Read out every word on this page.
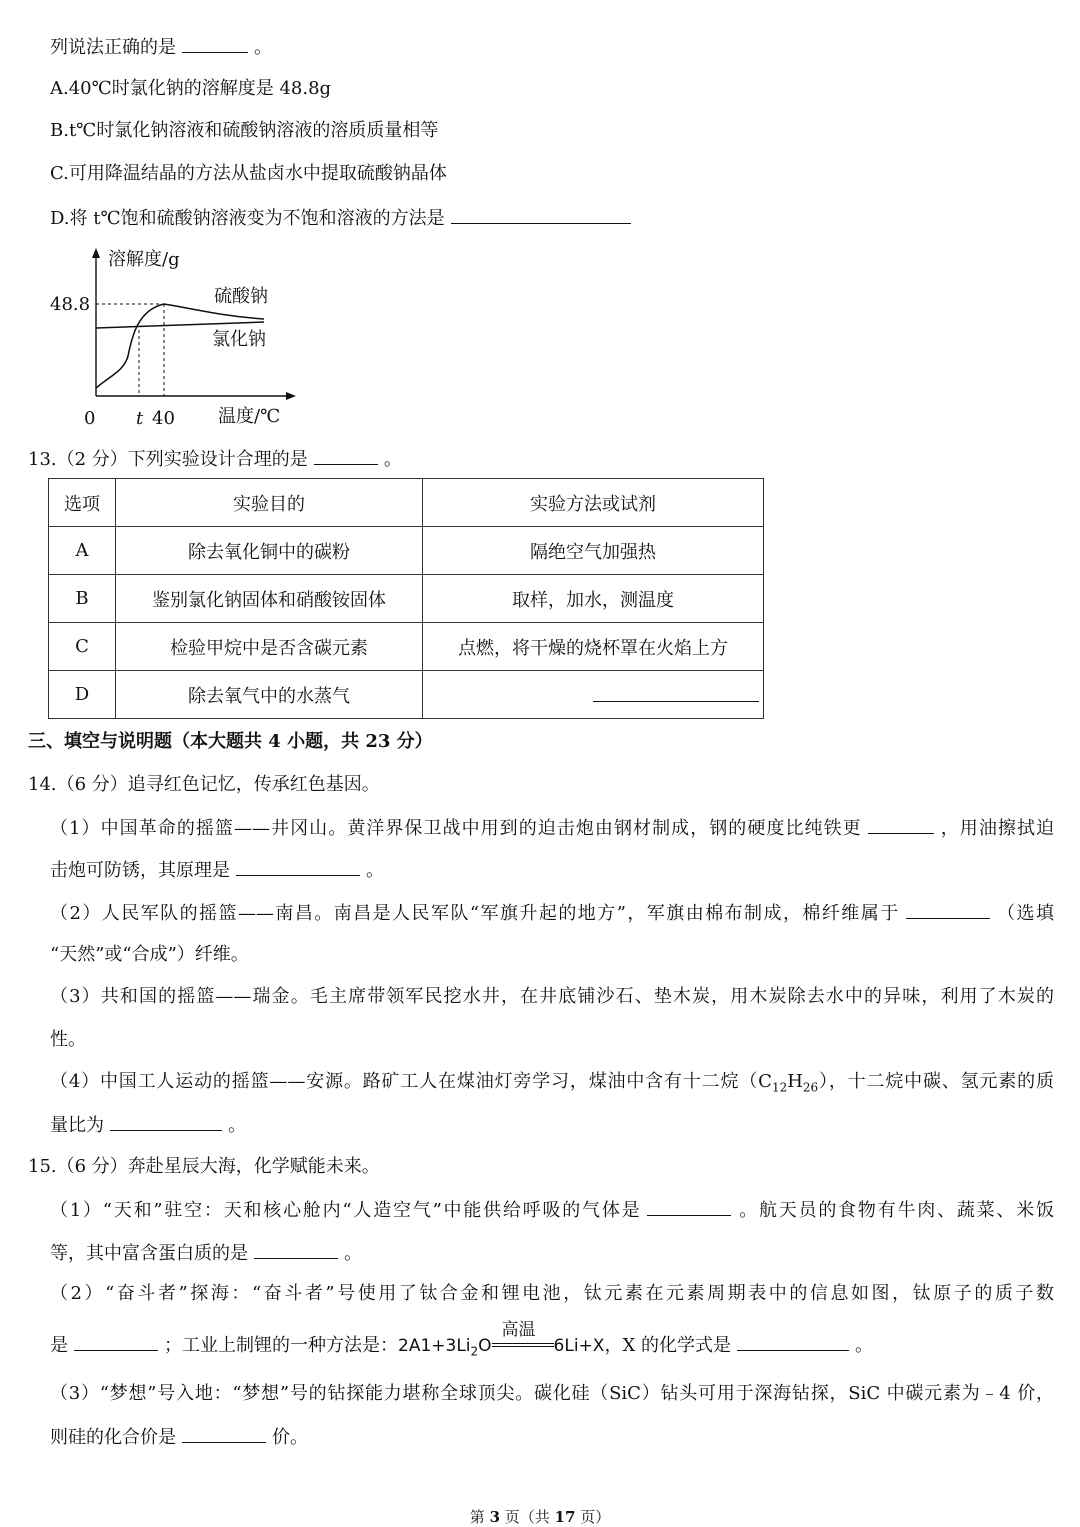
列说法正确的是	。
A.40℃时氯化钠的溶解度是 48.8g
B.t℃时氯化钠溶液和硫酸钠溶液的溶质质量相等
C.可用降温结晶的方法从盐卤水中提取硫酸钠晶体
D.将 t℃饱和硫酸钠溶液变为不饱和溶液的方法是
溶解度/g
48.8	硫酸钠
氯化钠
0 t 40 温度/℃
13.（2 分）下列实验设计合理的是	。
选项	实验目的	实验方法或试剂
A	除去氧化铜中的碳粉	隔绝空气加强热
B	鉴别氯化钠固体和硝酸铵固体	取样，加水，测温度
C	检验甲烷中是否含碳元素	点燃，将干燥的烧杯罩在火焰上方
D	除去氧气中的水蒸气	
三、填空与说明题（本大题共 4 小题，共 23 分）
14.（6 分）追寻红色记忆，传承红色基因。
（1）中国革命的摇篮——井冈山。黄洋界保卫战中用到的迫击炮由钢材制成，钢的硬度比纯铁更	，用油擦拭迫
击炮可防锈，其原理是	。
（2）人民军队的摇篮——南昌。南昌是人民军队“军旗升起的地方”，军旗由棉布制成，棉纤维属于	（选填
“天然”或“合成”）纤维。
（3）共和国的摇篮——瑞金。毛主席带领军民挖水井，在井底铺沙石、垫木炭，用木炭除去水中的异味，利用了木炭的
性。
（4）中国工人运动的摇篮——安源。路矿工人在煤油灯旁学习，煤油中含有十二烷$(C_{12}H_{26})$，十二烷中碳、氢元素的质
量比为	。
15.（6 分）奔赴星辰大海，化学赋能未来。
（1）“天和”驻空：天和核心舱内“人造空气”中能供给呼吸的气体是	。航天员的食物有牛肉、蔬菜、米饭
等，其中富含蛋白质的是	。
（2）“奋斗者”探海：“奋斗者”号使用了钛合金和锂电池，钛元素在元素周期表中的信息如图，钛原子的质子数
是	；工业上制锂的一种方法是：$2A1+3Li_2O$
高温
6Li+X，X 的化学式是	。
（3）“梦想”号入地：“梦想”号的钻探能力堪称全球顶尖。碳化硅（SiC）钻头可用于深海钻探，SiC 中碳元素为﹣4 价，
则硅的化合价是	价。
第 3 页（共 17 页）
